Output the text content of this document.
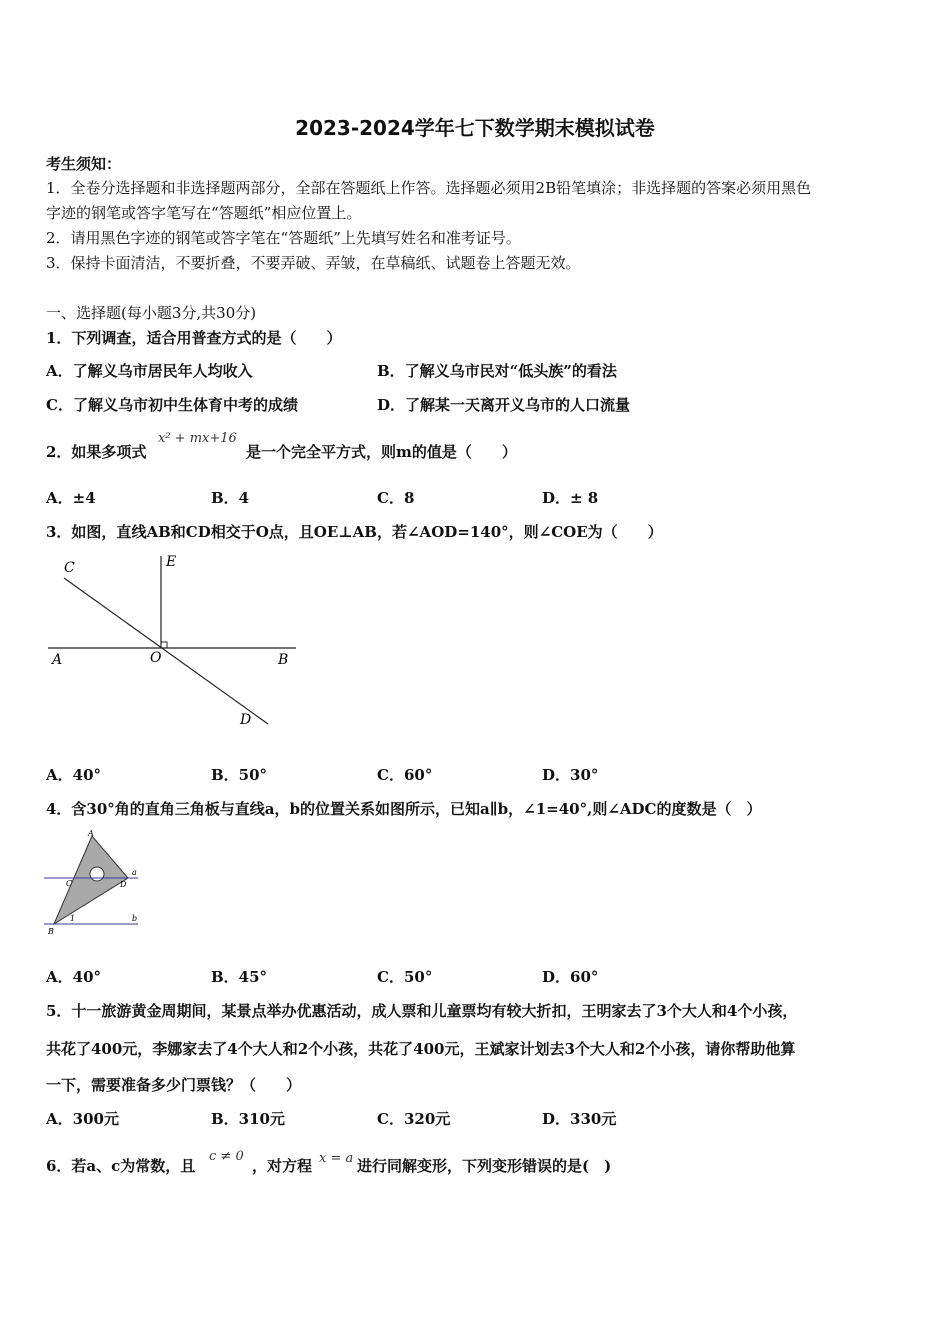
2023-2024学年七下数学期末模拟试卷
考生须知：
1．全卷分选择题和非选择题两部分，全部在答题纸上作答。选择题必须用2B铅笔填涂；非选择题的答案必须用黑色
字迹的钢笔或答字笔写在“答题纸”相应位置上。
2．请用黑色字迹的钢笔或答字笔在“答题纸”上先填写姓名和准考证号。
3．保持卡面清洁，不要折叠，不要弄破、弄皱，在草稿纸、试题卷上答题无效。
一、选择题(每小题3分,共30分)
1．下列调查，适合用普查方式的是（　　）
A．了解义乌市居民年人均收入	B．了解义乌市民对“低头族”的看法
C．了解义乌市初中生体育中考的成绩	D．了解某一天离开义乌市的人口流量
2．如果多项式
x² + mx+16
是一个完全平方式，则m的值是（　　）
A．±4	B．4	C．8	D．± 8
3．如图，直线AB和CD相交于O点，且OE⊥AB，若∠AOD=140°，则∠COE为（　　）
C	E
A	O	B
D
A．40°	B．50°	C．60°	D．30°
4．含30°角的直角三角板与直线a，b的位置关系如图所示，已知a∥b，∠1=40°,则∠ADC的度数是（　）
A
a
C	D
B
b
1
A．40°	B．45°	C．50°	D．60°
5．十一旅游黄金周期间，某景点举办优惠活动，成人票和儿童票均有较大折扣，王明家去了3个大人和4个小孩，
共花了400元，李娜家去了4个大人和2个小孩，共花了400元，王斌家计划去3个大人和2个小孩，请你帮助他算
一下，需要准备多少门票钱？（　　）
A．300元	B．310元	C．320元	D．330元
6．若a、c为常数，且
c ≠ 0
，对方程 x = a 进行同解变形，下列变形错误的是(　)
